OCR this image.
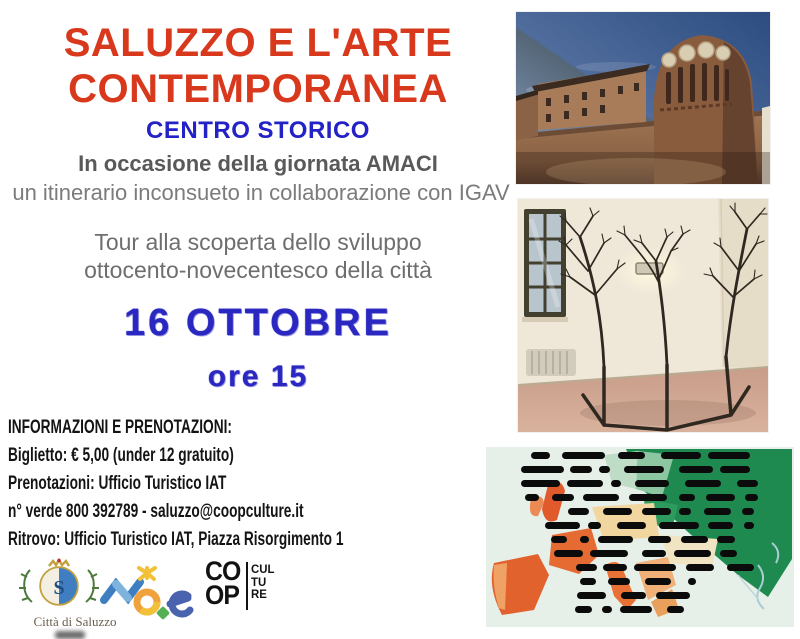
SALUZZO E L'ARTE
CONTEMPORANEA
CENTRO STORICO
In occasione della giornata AMACI
un itinerario inconsueto in collaborazione con IGAV
Tour alla scoperta dello sviluppo
ottocento-novecentesco della città
16 OTTOBRE
ore 15
INFORMAZIONI E PRENOTAZIONI:
Biglietto: € 5,00 (under 12 gratuito)
Prenotazioni: Ufficio Turistico IAT
n° verde 800 392789 - saluzzo@coopculture.it
Ritrovo: Ufficio Turistico IAT, Piazza Risorgimento 1
S
Città di Saluzzo
CO
OP
CUL
TU
RE
